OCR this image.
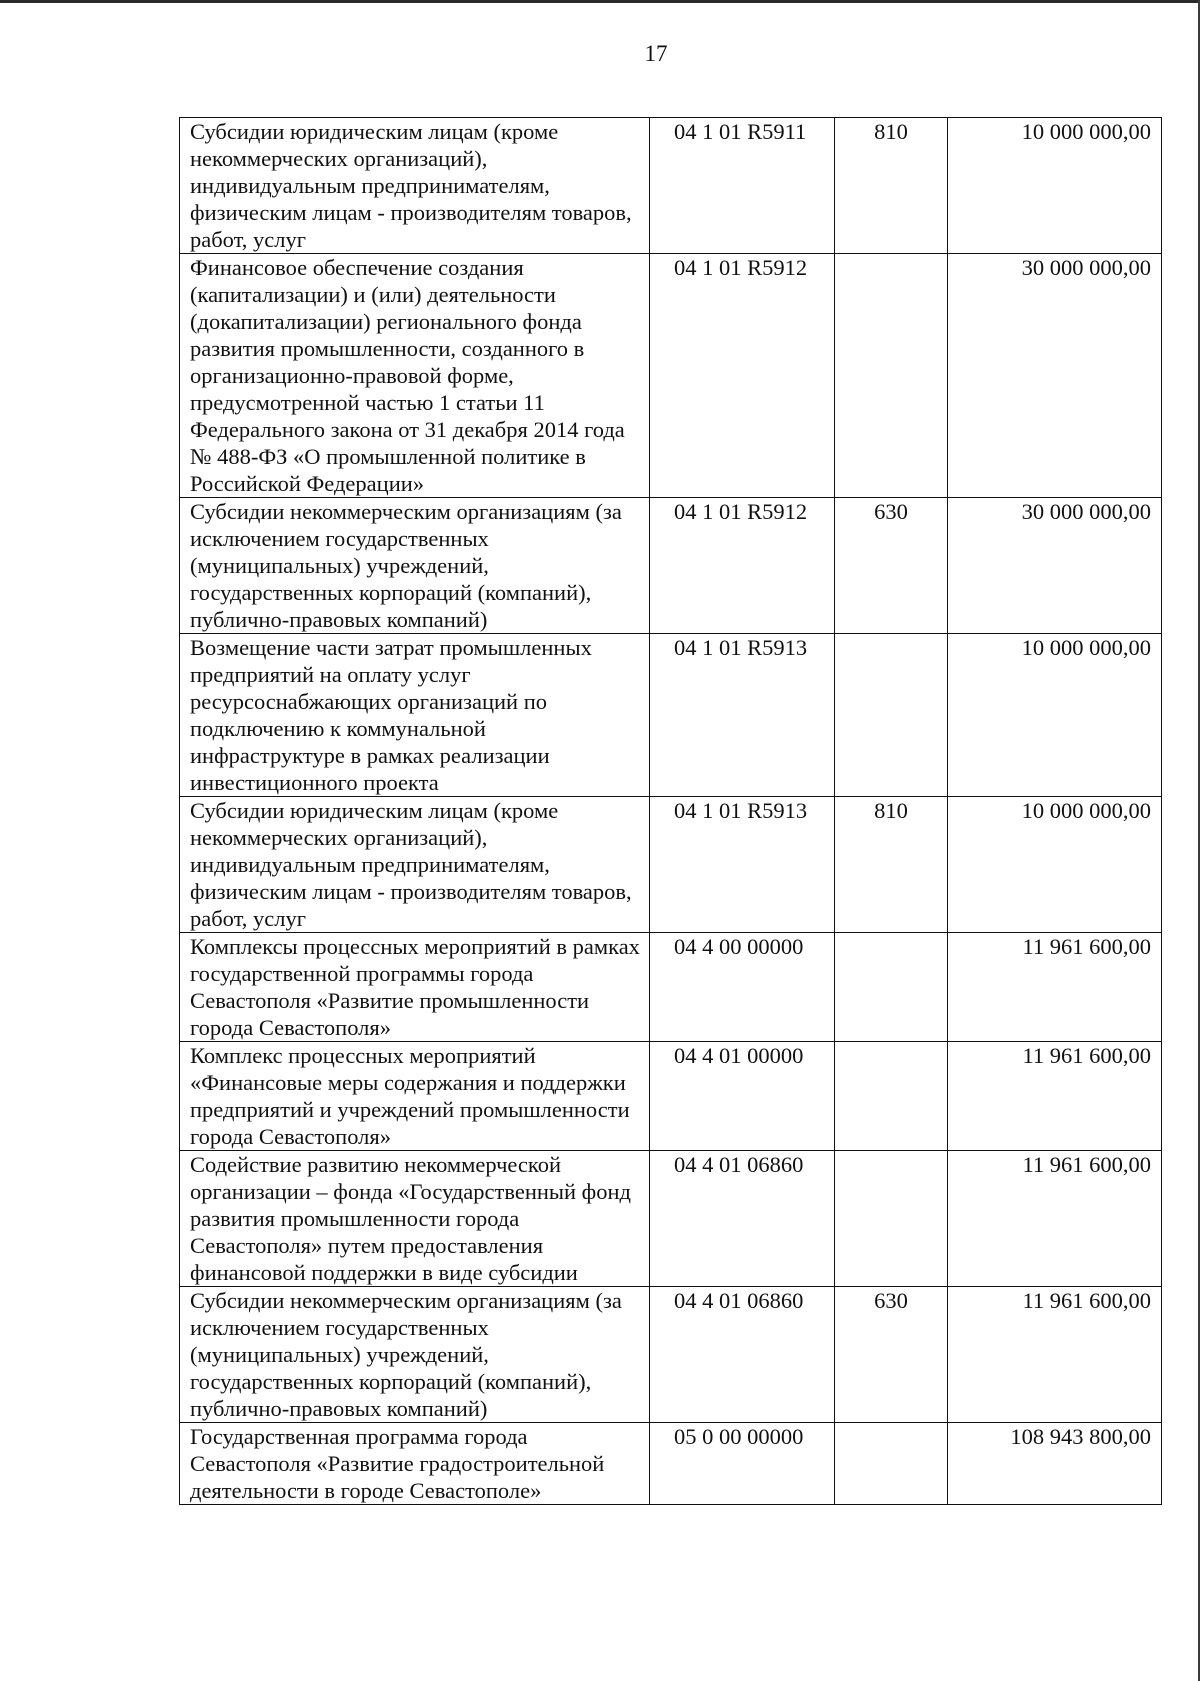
17
Субсидии юридическим лицам (кроме некоммерческих организаций), индивидуальным предпринимателям, физическим лицам - производителям товаров, работ, услуг	04 1 01 R5911	810	10 000 000,00
Финансовое обеспечение создания (капитализации) и (или) деятельности (докапитализации) регионального фонда развития промышленности, созданного в организационно-правовой форме, предусмотренной частью 1 статьи 11 Федерального закона от 31 декабря 2014 года № 488-ФЗ «О промышленной политике в Российской Федерации»	04 1 01 R5912		30 000 000,00
Субсидии некоммерческим организациям (за исключением государственных (муниципальных) учреждений, государственных корпораций (компаний), публично-правовых компаний)	04 1 01 R5912	630	30 000 000,00
Возмещение части затрат промышленных предприятий на оплату услуг ресурсоснабжающих организаций по подключению к коммунальной инфраструктуре в рамках реализации инвестиционного проекта	04 1 01 R5913		10 000 000,00
Субсидии юридическим лицам (кроме некоммерческих организаций), индивидуальным предпринимателям, физическим лицам - производителям товаров, работ, услуг	04 1 01 R5913	810	10 000 000,00
Комплексы процессных мероприятий в рамках государственной программы города Севастополя «Развитие промышленности города Севастополя»	04 4 00 00000		11 961 600,00
Комплекс процессных мероприятий «Финансовые меры содержания и поддержки предприятий и учреждений промышленности города Севастополя»	04 4 01 00000		11 961 600,00
Содействие развитию некоммерческой организации – фонда «Государственный фонд развития промышленности города Севастополя» путем предоставления финансовой поддержки в виде субсидии	04 4 01 06860		11 961 600,00
Субсидии некоммерческим организациям (за исключением государственных (муниципальных) учреждений, государственных корпораций (компаний), публично-правовых компаний)	04 4 01 06860	630	11 961 600,00
Государственная программа города Севастополя «Развитие градостроительной деятельности в городе Севастополе»	05 0 00 00000		108 943 800,00
